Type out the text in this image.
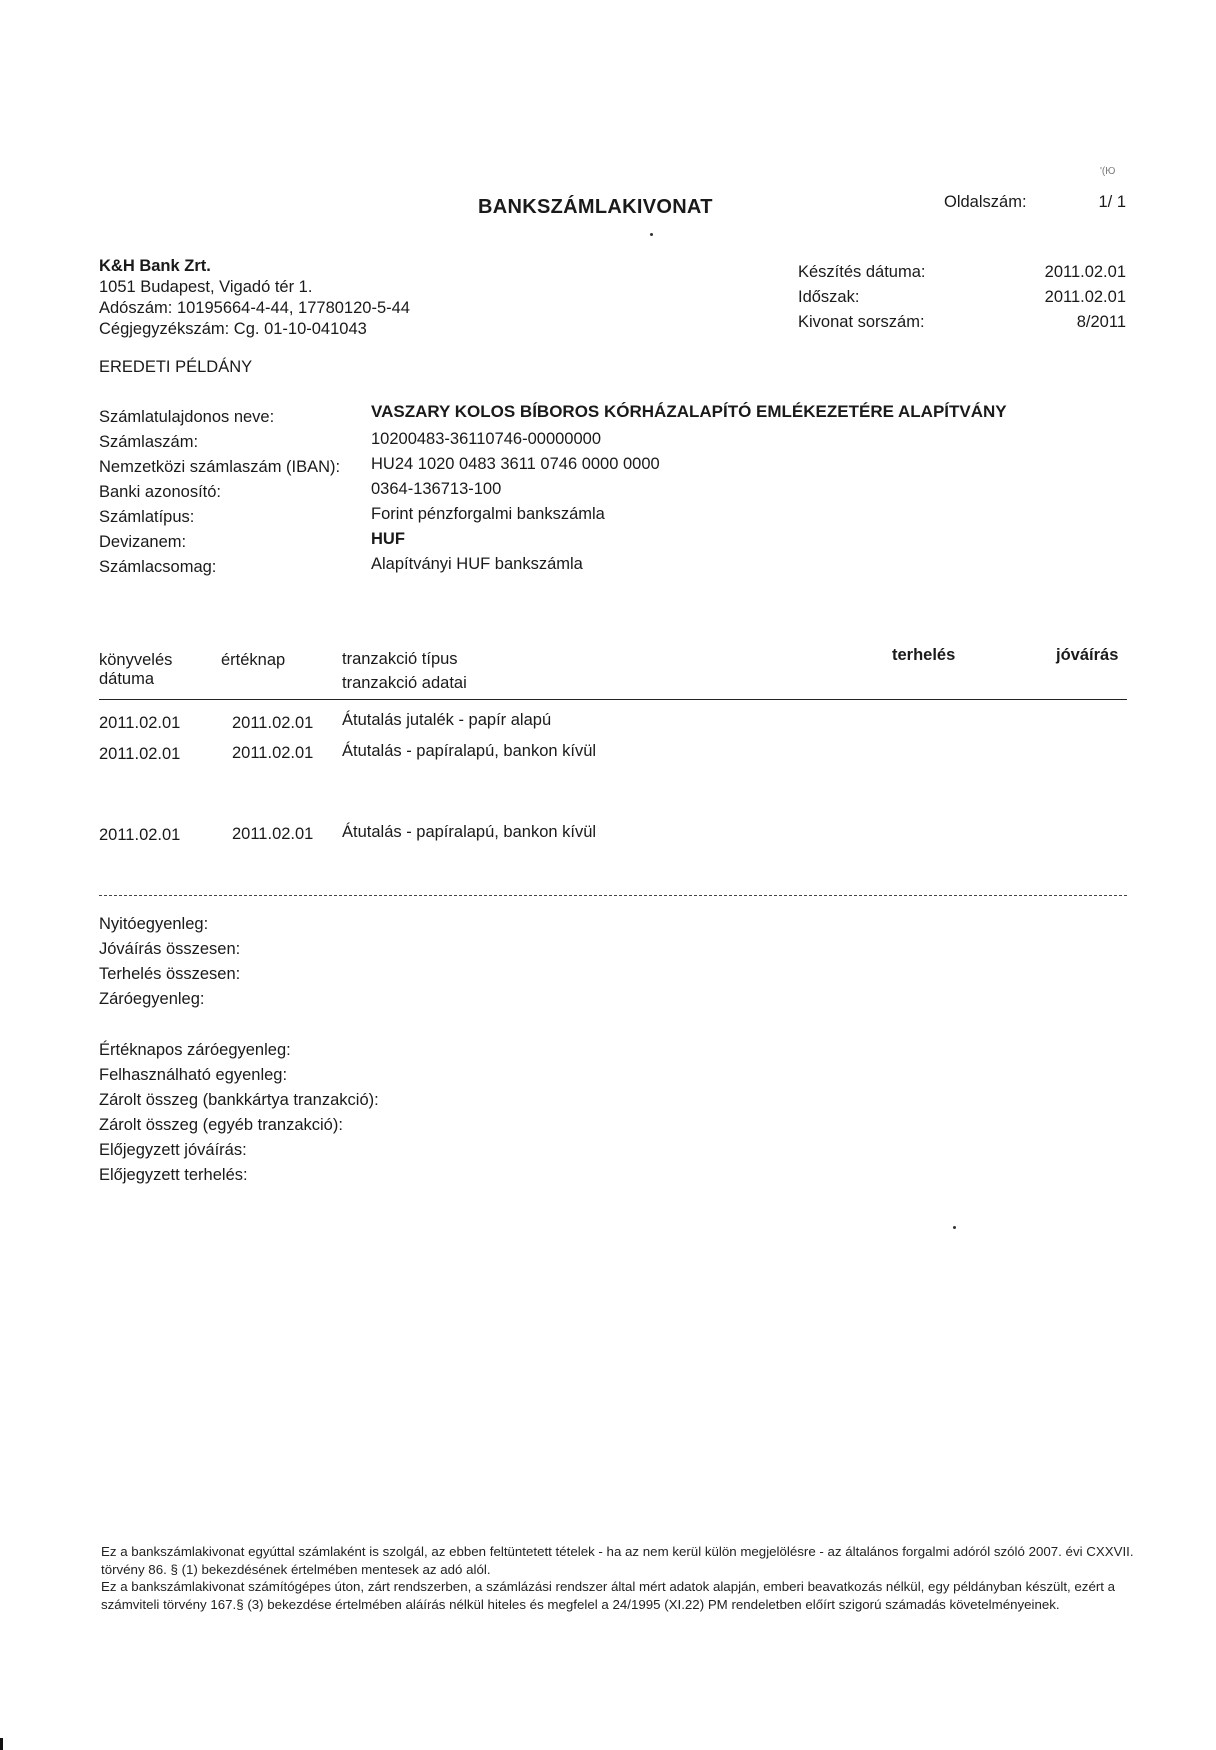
'(Ю
BANKSZÁMLAKIVONAT	Oldalszám:	1/ 1
K&H Bank Zrt.
1051 Budapest, Vigadó tér 1.
Adószám: 10195664-4-44, 17780120-5-44
Cégjegyzékszám: Cg. 01-10-041043
Készítés dátuma:	2011.02.01
Időszak:	2011.02.01
Kivonat sorszám:	8/2011
EREDETI PÉLDÁNY
Számlatulajdonos neve:	VASZARY KOLOS BÍBOROS KÓRHÁZALAPÍTÓ EMLÉKEZETÉRE ALAPÍTVÁNY
Számlaszám:	10200483-36110746-00000000
Nemzetközi számlaszám (IBAN): HU24 1020 0483 3611 0746 0000 0000
Banki azonosító:	0364-136713-100
Számlatípus:	Forint pénzforgalmi bankszámla
Devizanem:	HUF
Számlacsomag:	Alapítványi HUF bankszámla
könyvelés
dátuma
értéknap	tranzakció típus
tranzakció adatai
terhelés	jóváírás
2011.02.01	2011.02.01 Átutalás jutalék - papír alapú
2011.02.01	2011.02.01 Átutalás - papíralapú, bankon kívül
2011.02.01	2011.02.01 Átutalás - papíralapú, bankon kívül
Nyitóegyenleg:
Jóváírás összesen:
Terhelés összesen:
Záróegyenleg:
Értéknapos záróegyenleg:
Felhasználható egyenleg:
Zárolt összeg (bankkártya tranzakció):
Zárolt összeg (egyéb tranzakció):
Előjegyzett jóváírás:
Előjegyzett terhelés:

Ez a bankszámlakivonat egyúttal számlaként is szolgál, az ebben feltüntetett tételek - ha az nem kerül külön megjelölésre - az általános forgalmi adóról szóló 2007. évi CXXVII. törvény 86. § (1) bekezdésének értelmében mentesek az adó alól.

Ez a bankszámlakivonat számítógépes úton, zárt rendszerben, a számlázási rendszer által mért adatok alapján, emberi beavatkozás nélkül, egy példányban készült, ezért a számviteli törvény 167.§ (3) bekezdése értelmében aláírás nélkül hiteles és megfelel a 24/1995 (XI.22) PM rendeletben előírt szigorú számadás követelményeinek.
